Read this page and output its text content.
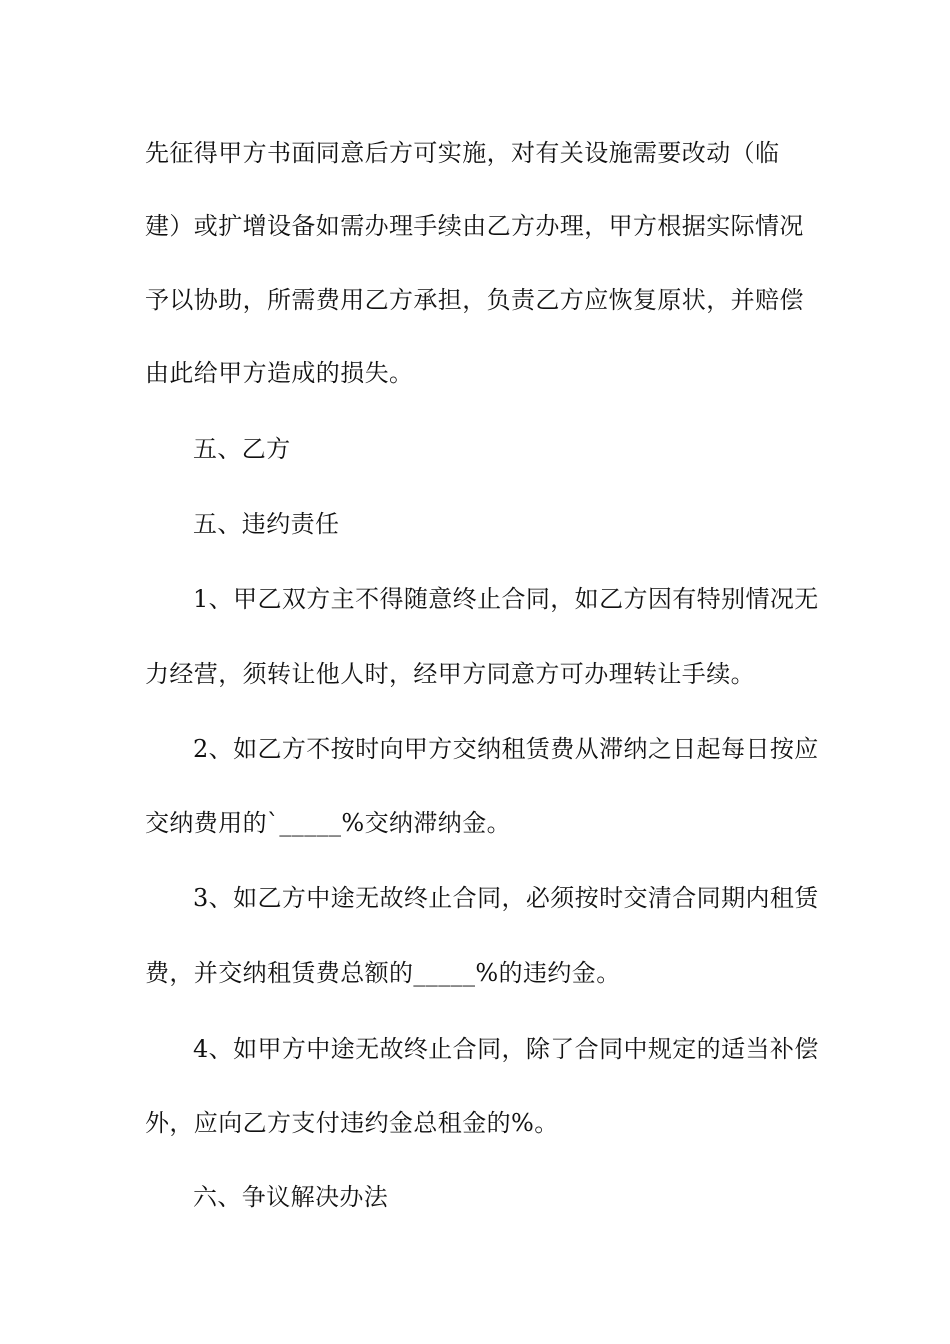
先征得甲方书面同意后方可实施，对有关设施需要改动（临
建）或扩增设备如需办理手续由乙方办理，甲方根据实际情况
予以协助，所需费用乙方承担，负责乙方应恢复原状，并赔偿
由此给甲方造成的损失。
五、乙方
五、违约责任
1、甲乙双方主不得随意终止合同，如乙方因有特别情况无
力经营，须转让他人时，经甲方同意方可办理转让手续。
2、如乙方不按时向甲方交纳租赁费从滞纳之日起每日按应
交纳费用的`_____%交纳滞纳金。
3、如乙方中途无故终止合同，必须按时交清合同期内租赁
费，并交纳租赁费总额的_____%的违约金。
4、如甲方中途无故终止合同，除了合同中规定的适当补偿
外，应向乙方支付违约金总租金的%。
六、争议解决办法
